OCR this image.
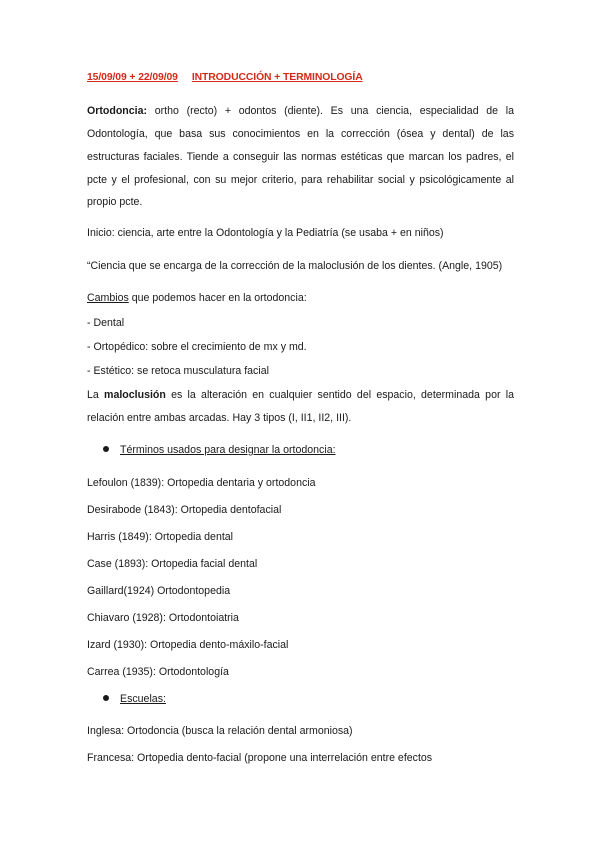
15/09/09 + 22/09/09 INTRODUCCIÓN + TERMINOLOGÍA
Ortodoncia: ortho (recto) + odontos (diente). Es una ciencia, especialidad de la
Odontología, que basa sus conocimientos en la corrección (ósea y dental) de las
estructuras faciales. Tiende a conseguir las normas estéticas que marcan los padres, el
pcte y el profesional, con su mejor criterio, para rehabilitar social y psicológicamente al
propio pcte.
Inicio: ciencia, arte entre la Odontología y la Pediatría (se usaba + en niños)
“Ciencia que se encarga de la corrección de la maloclusión de los dientes. (Angle, 1905)
Cambios que podemos hacer en la ortodoncia:
- Dental
- Ortopédico: sobre el crecimiento de mx y md.
- Estético: se retoca musculatura facial
La maloclusión es la alteración en cualquier sentido del espacio, determinada por la
relación entre ambas arcadas. Hay 3 tipos (I, II1, II2, III).
Términos usados para designar la ortodoncia:
Lefoulon (1839): Ortopedia dentaria y ortodoncia
Desirabode (1843): Ortopedia dentofacial
Harris (1849): Ortopedia dental
Case (1893): Ortopedia facial dental
Gaillard(1924) Ortodontopedia
Chiavaro (1928): Ortodontoiatria
Izard (1930): Ortopedia dento-máxilo-facial
Carrea (1935): Ortodontología
Escuelas:
Inglesa: Ortodoncia (busca la relación dental armoniosa)
Francesa: Ortopedia dento-facial (propone una interrelación entre efectos
